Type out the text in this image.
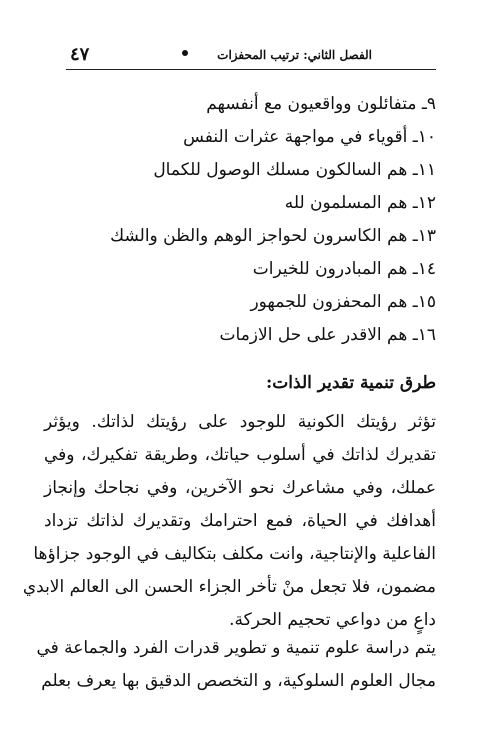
الفصل الثاني: ترتيب المحفزات
٤٧
٩ـ متفائلون وواقعيون مع أنفسهم
١٠ـ أقوياء في مواجهة عثرات النفس
١١ـ هم السالكون مسلك الوصول للكمال
١٢ـ هم المسلمون لله
١٣ـ هم الكاسرون لحواجز الوهم والظن والشك
١٤ـ هم المبادرون للخيرات
١٥ـ هم المحفزون للجمهور
١٦ـ هم الاقدر على حل الازمات
طرق تنمية تقدير الذات:
تؤثر رؤيتك الكونية للوجود على رؤيتك لذاتك. ويؤثر
تقديرك لذاتك في أسلوب حياتك، وطريقة تفكيرك، وفي
عملك، وفي مشاعرك نحو الآخرين، وفي نجاحك وإنجاز
أهدافك في الحياة، فمع احترامك وتقديرك لذاتك تزداد
الفاعلية والإنتاجية، وانت مكلف بتكاليف في الوجود جزاؤها
مضمون، فلا تجعل منْ تأخر الجزاء الحسن الى العالم الابدي
داعٍ من دواعي تحجيم الحركة.
يتم دراسة علوم تنمية و تطوير قدرات الفرد والجماعة في
مجال العلوم السلوكية، و التخصص الدقيق بها يعرف بعلم
